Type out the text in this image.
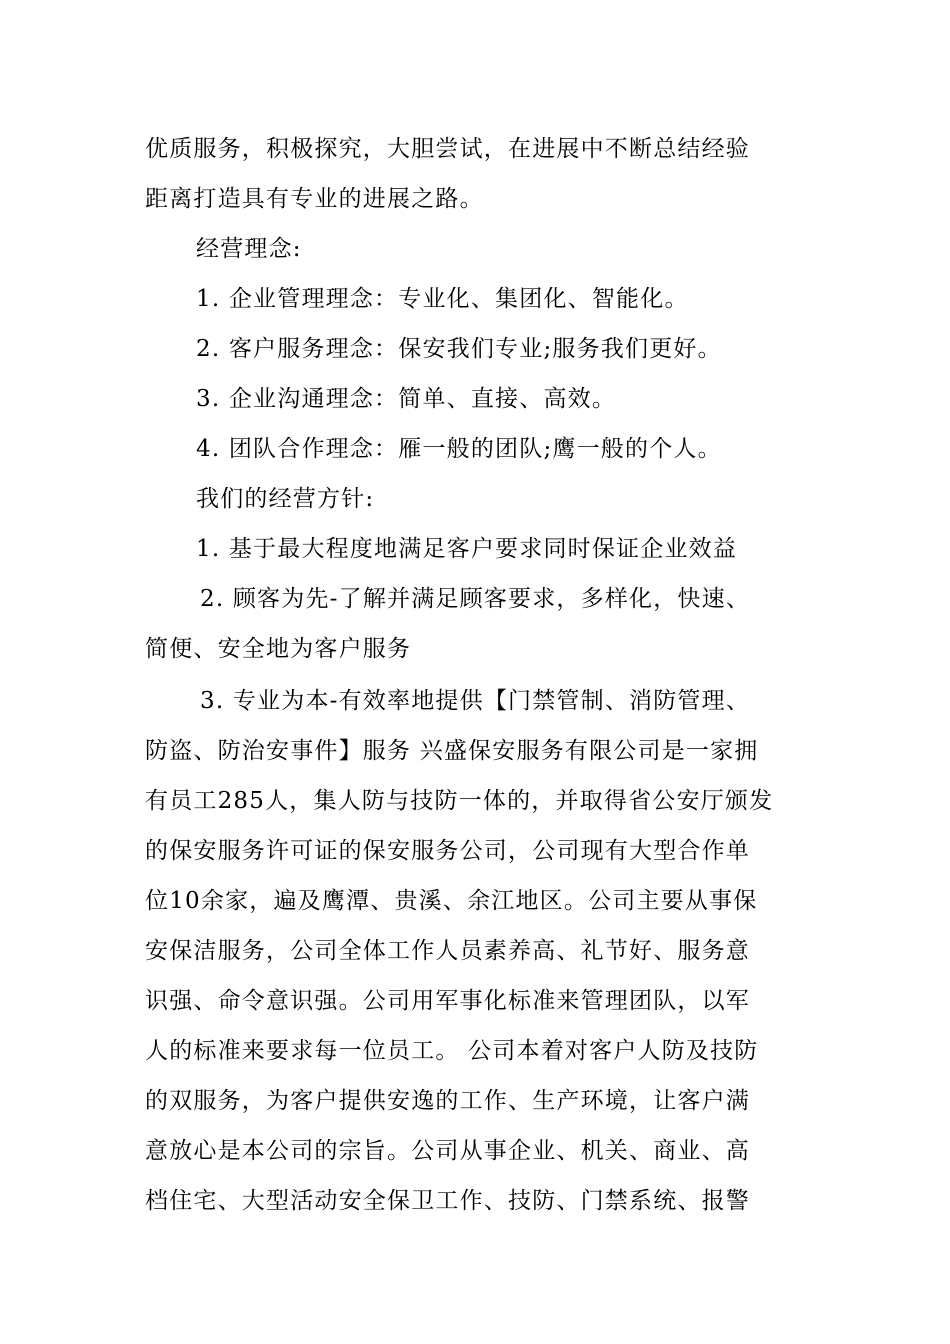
优质服务，积极探究，大胆尝试，在进展中不断总结经验
距离打造具有专业的进展之路。
经营理念:
1. 企业管理理念：专业化、集团化、智能化。
2. 客户服务理念：保安我们专业;服务我们更好。
3. 企业沟通理念：简单、直接、高效。
4. 团队合作理念：雁一般的团队;鹰一般的个人。
我们的经营方针:
1. 基于最大程度地满足客户要求同时保证企业效益
2. 顾客为先-了解并满足顾客要求，多样化，快速、
简便、安全地为客户服务
3. 专业为本-有效率地提供【门禁管制、消防管理、
防盗、防治安事件】服务 兴盛保安服务有限公司是一家拥
有员工285人，集人防与技防一体的，并取得省公安厅颁发
的保安服务许可证的保安服务公司，公司现有大型合作单
位10余家，遍及鹰潭、贵溪、余江地区。公司主要从事保
安保洁服务，公司全体工作人员素养高、礼节好、服务意
识强、命令意识强。公司用军事化标准来管理团队，以军
人的标准来要求每一位员工。 公司本着对客户人防及技防
的双服务，为客户提供安逸的工作、生产环境，让客户满
意放心是本公司的宗旨。公司从事企业、机关、商业、高
档住宅、大型活动安全保卫工作、技防、门禁系统、报警
